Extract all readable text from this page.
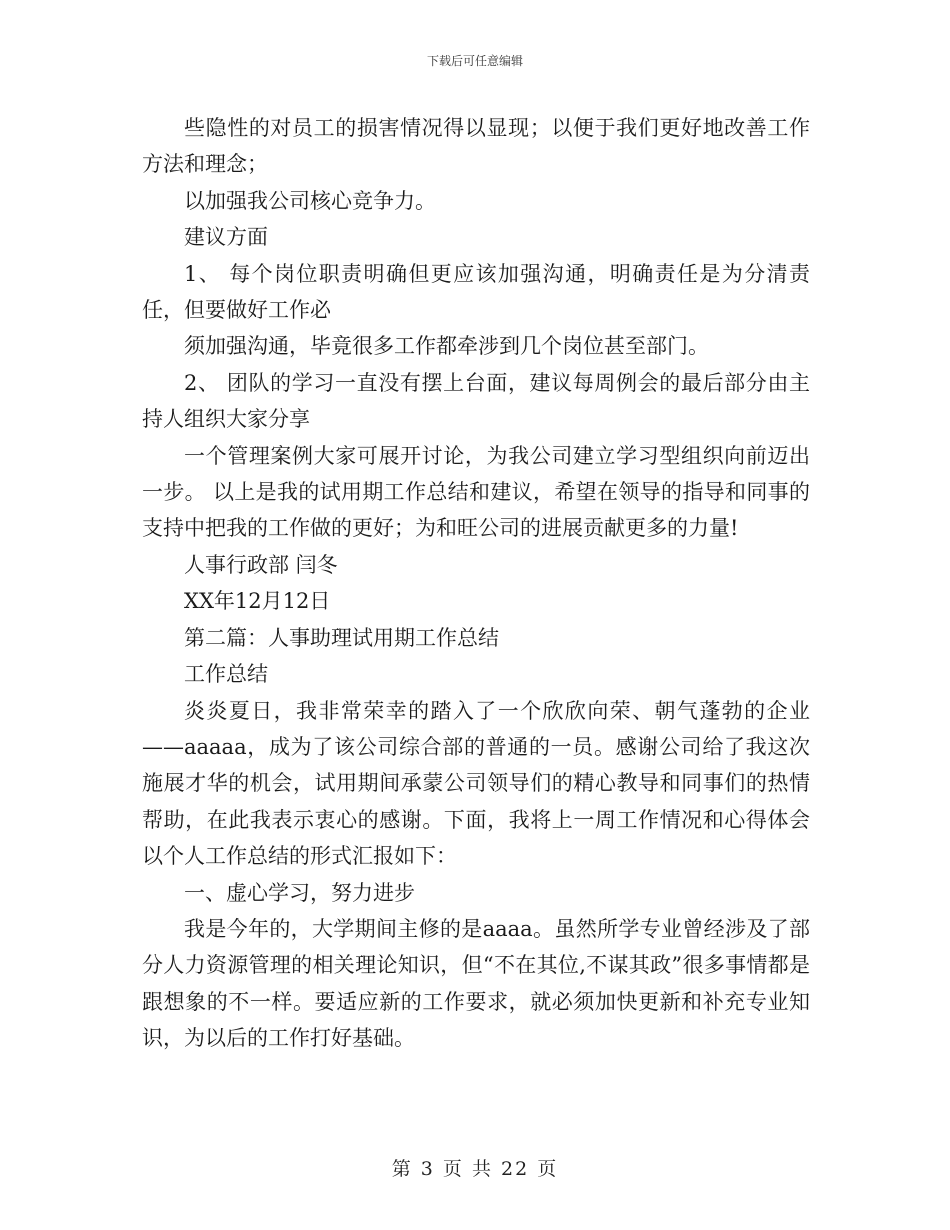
下载后可任意编辑

些隐性的对员工的损害情况得以显现；以便于我们更好地改善工作方法和理念；

以加强我公司核心竞争力。

建议方面

1、 每个岗位职责明确但更应该加强沟通，明确责任是为分清责任，但要做好工作必

须加强沟通，毕竟很多工作都牵涉到几个岗位甚至部门。

2、 团队的学习一直没有摆上台面，建议每周例会的最后部分由主持人组织大家分享

一个管理案例大家可展开讨论，为我公司建立学习型组织向前迈出一步。 以上是我的试用期工作总结和建议，希望在领导的指导和同事的支持中把我的工作做的更好；为和旺公司的进展贡献更多的力量!

人事行政部 闫冬

XX年12月12日

第二篇：人事助理试用期工作总结

工作总结

炎炎夏日，我非常荣幸的踏入了一个欣欣向荣、朝气蓬勃的企业——aaaaa，成为了该公司综合部的普通的一员。感谢公司给了我这次施展才华的机会，试用期间承蒙公司领导们的精心教导和同事们的热情帮助，在此我表示衷心的感谢。下面，我将上一周工作情况和心得体会以个人工作总结的形式汇报如下：

一、虚心学习，努力进步

我是今年的，大学期间主修的是aaaa。虽然所学专业曾经涉及了部分人力资源管理的相关理论知识，但“不在其位,不谋其政”很多事情都是跟想象的不一样。要适应新的工作要求，就必须加快更新和补充专业知识，为以后的工作打好基础。

第 3 页 共 22 页
